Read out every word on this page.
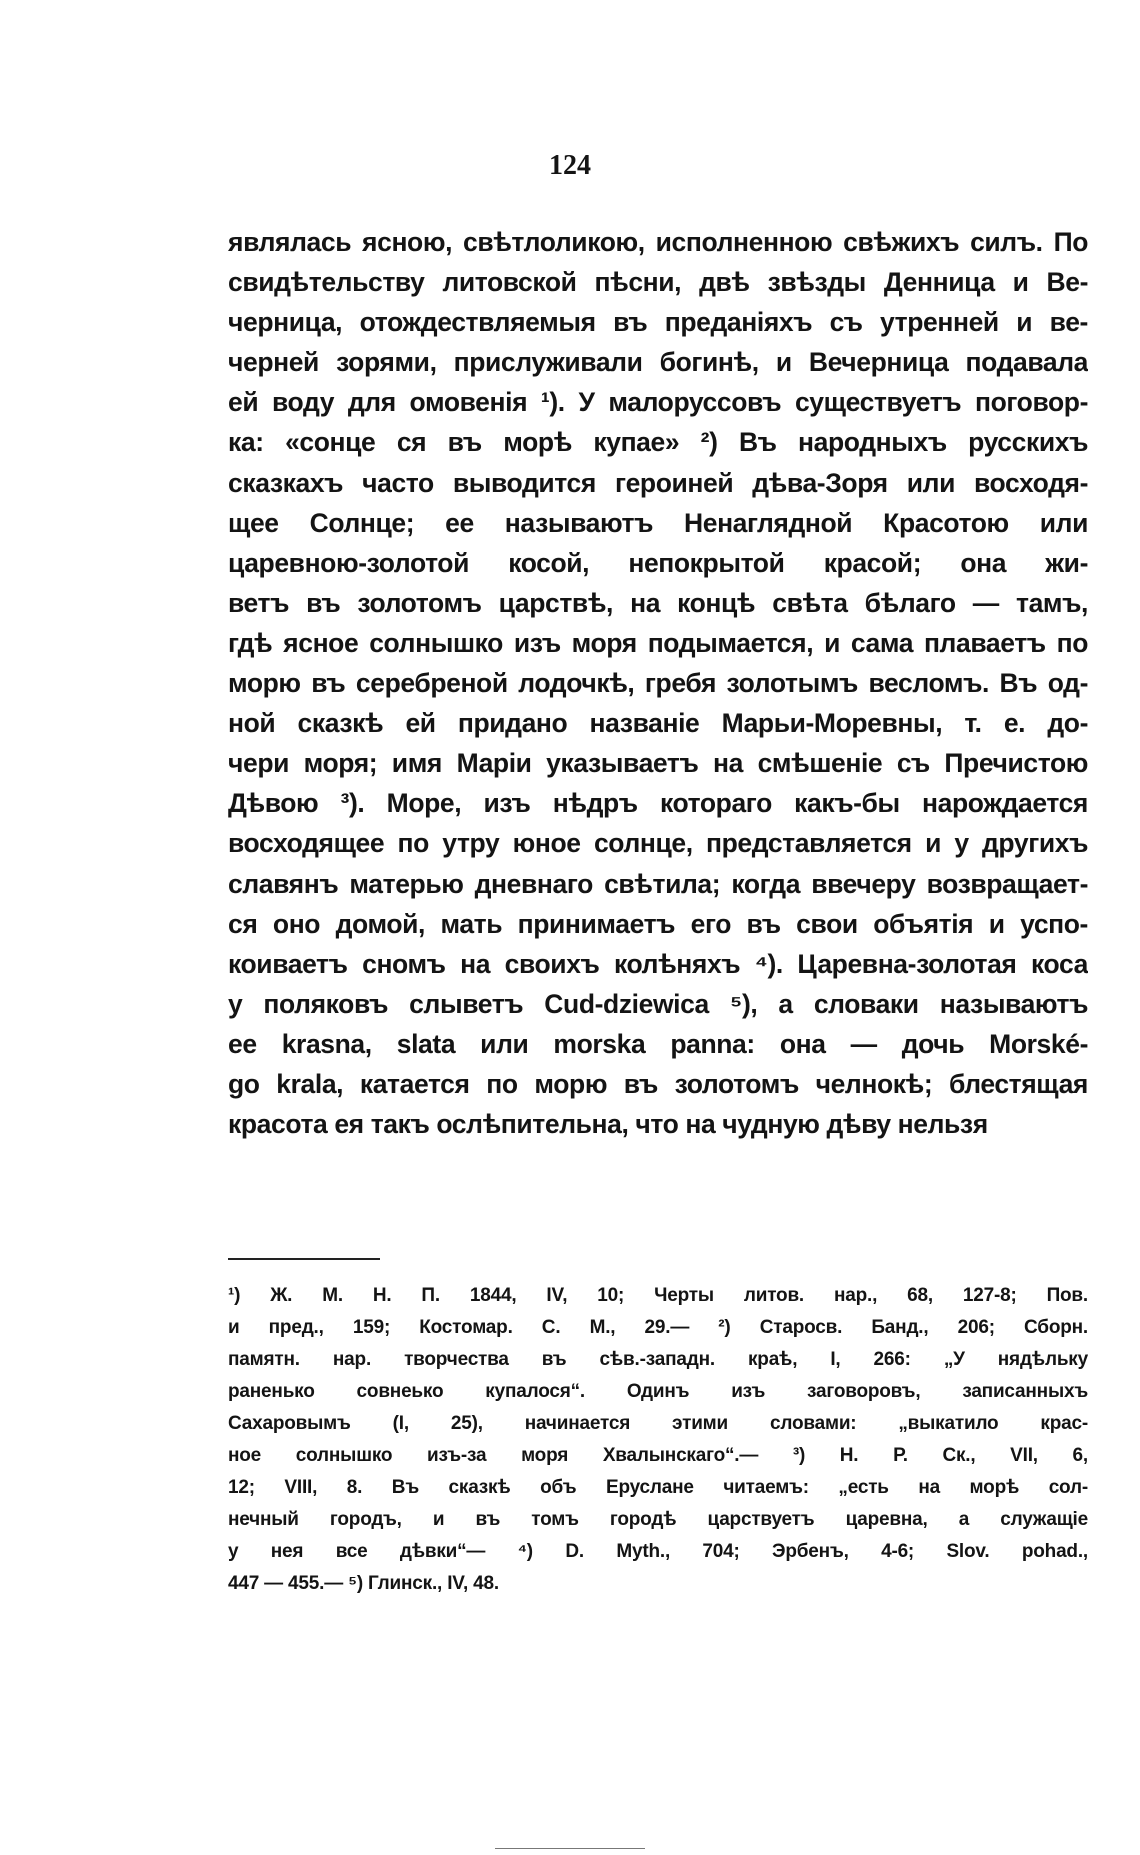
124
являлась ясною, свѣтлоликою, исполненною свѣжихъ силъ. По
свидѣтельству литовской пѣсни, двѣ звѣзды Денница и Ве-
черница, отождествляемыя въ преданіяхъ съ утренней и ве-
черней зорями, прислуживали богинѣ, и Вечерница подавала
ей воду для омовенія ¹). У малоруссовъ существуетъ поговор-
ка: «сонце ся въ морѣ купае» ²) Въ народныхъ русскихъ
сказкахъ часто выводится героиней дѣва-Зоря или восходя-
щее Солнце; ее называютъ Ненаглядной Красотою или
царевною-золотой косой, непокрытой красой; она жи-
ветъ въ золотомъ царствѣ, на концѣ свѣта бѣлаго — тамъ,
гдѣ ясное солнышко изъ моря подымается, и сама плаваетъ по
морю въ серебреной лодочкѣ, гребя золотымъ весломъ. Въ од-
ной сказкѣ ей придано названіе Марьи-Моревны, т. е. до-
чери моря; имя Маріи указываетъ на смѣшеніе съ Пречистою
Дѣвою ³). Море, изъ нѣдръ котораго какъ-бы нарождается
восходящее по утру юное солнце, представляется и у другихъ
славянъ матерью дневнаго свѣтила; когда ввечеру возвращает-
ся оно домой, мать принимаетъ его въ свои объятія и успо-
коиваетъ сномъ на своихъ колѣняхъ ⁴). Царевна-золотая коса
у поляковъ слыветъ Cud-dziewica ⁵), а словаки называютъ
ее krasna, slata или morska panna: она — дочь Morské-
go krala, катается по морю въ золотомъ челнокѣ; блестящая
красота ея такъ ослѣпительна, что на чудную дѣву нельзя
¹) Ж. М. Н. П. 1844, IV, 10; Черты литов. нар., 68, 127-8; Пов.
и пред., 159; Костомар. С. М., 29.— ²) Старосв. Банд., 206; Сборн.
памятн. нар. творчества въ сѣв.-западн. краѣ, I, 266: „У нядѣльку
раненько совнеько купалося“. Одинъ изъ заговоровъ, записанныхъ
Сахаровымъ (I, 25), начинается этими словами: „выкатило крас-
ное солнышко изъ-за моря Хвалынскаго“.— ³) Н. Р. Ск., VII, 6,
12; VIII, 8. Въ сказкѣ объ Еруслане читаемъ: „есть на морѣ сол-
нечный городъ, и въ томъ городѣ царствуетъ царевна, а служащіе
у нея все дѣвки“— ⁴) D. Myth., 704; Эрбенъ, 4-6; Slov. pohad.,
447 — 455.— ⁵) Глинск., IV, 48.
